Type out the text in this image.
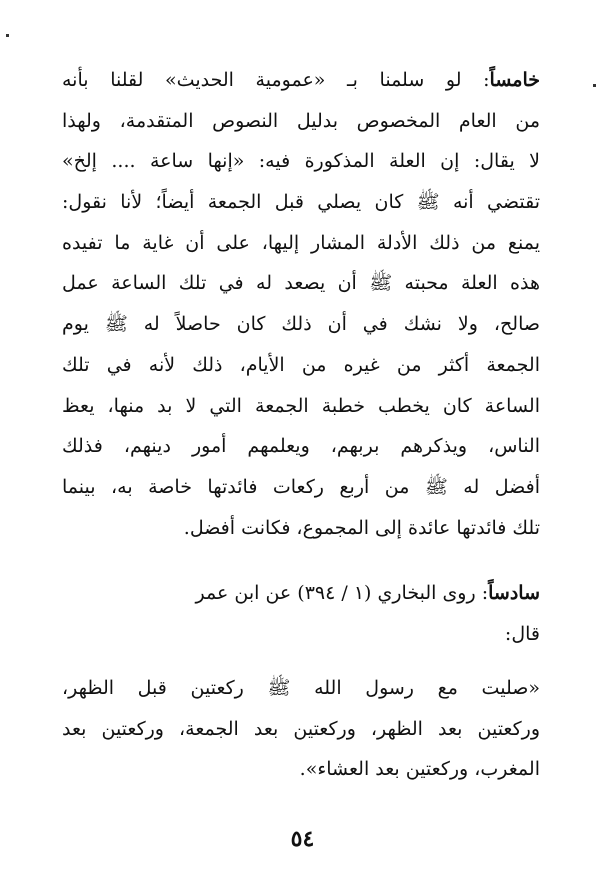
خامساً: لو سلمنا بـ «عمومية الحديث» لقلنا بأنه
من العام المخصوص بدليل النصوص المتقدمة، ولهذا
لا يقال: إن العلة المذكورة فيه: «إنها ساعة .... إلخ»
تقتضي أنه ﷺ كان يصلي قبل الجمعة أيضاً؛ لأنا نقول:
يمنع من ذلك الأدلة المشار إليها، على أن غاية ما تفيده
هذه العلة محبته ﷺ أن يصعد له في تلك الساعة عمل
صالح، ولا نشك في أن ذلك كان حاصلاً له ﷺ يوم
الجمعة أكثر من غيره من الأيام، ذلك لأنه في تلك
الساعة كان يخطب خطبة الجمعة التي لا بد منها، يعظ
الناس، ويذكرهم بربهم، ويعلمهم أمور دينهم، فذلك
أفضل له ﷺ من أربع ركعات فائدتها خاصة به، بينما
تلك فائدتها عائدة إلى المجموع، فكانت أفضل.
سادساً: روى البخاري (١ / ٣٩٤) عن ابن عمر
قال:
«صليت مع رسول الله ﷺ ركعتين قبل الظهر،
وركعتين بعد الظهر، وركعتين بعد الجمعة، وركعتين بعد
المغرب، وركعتين بعد العشاء».
٥٤
